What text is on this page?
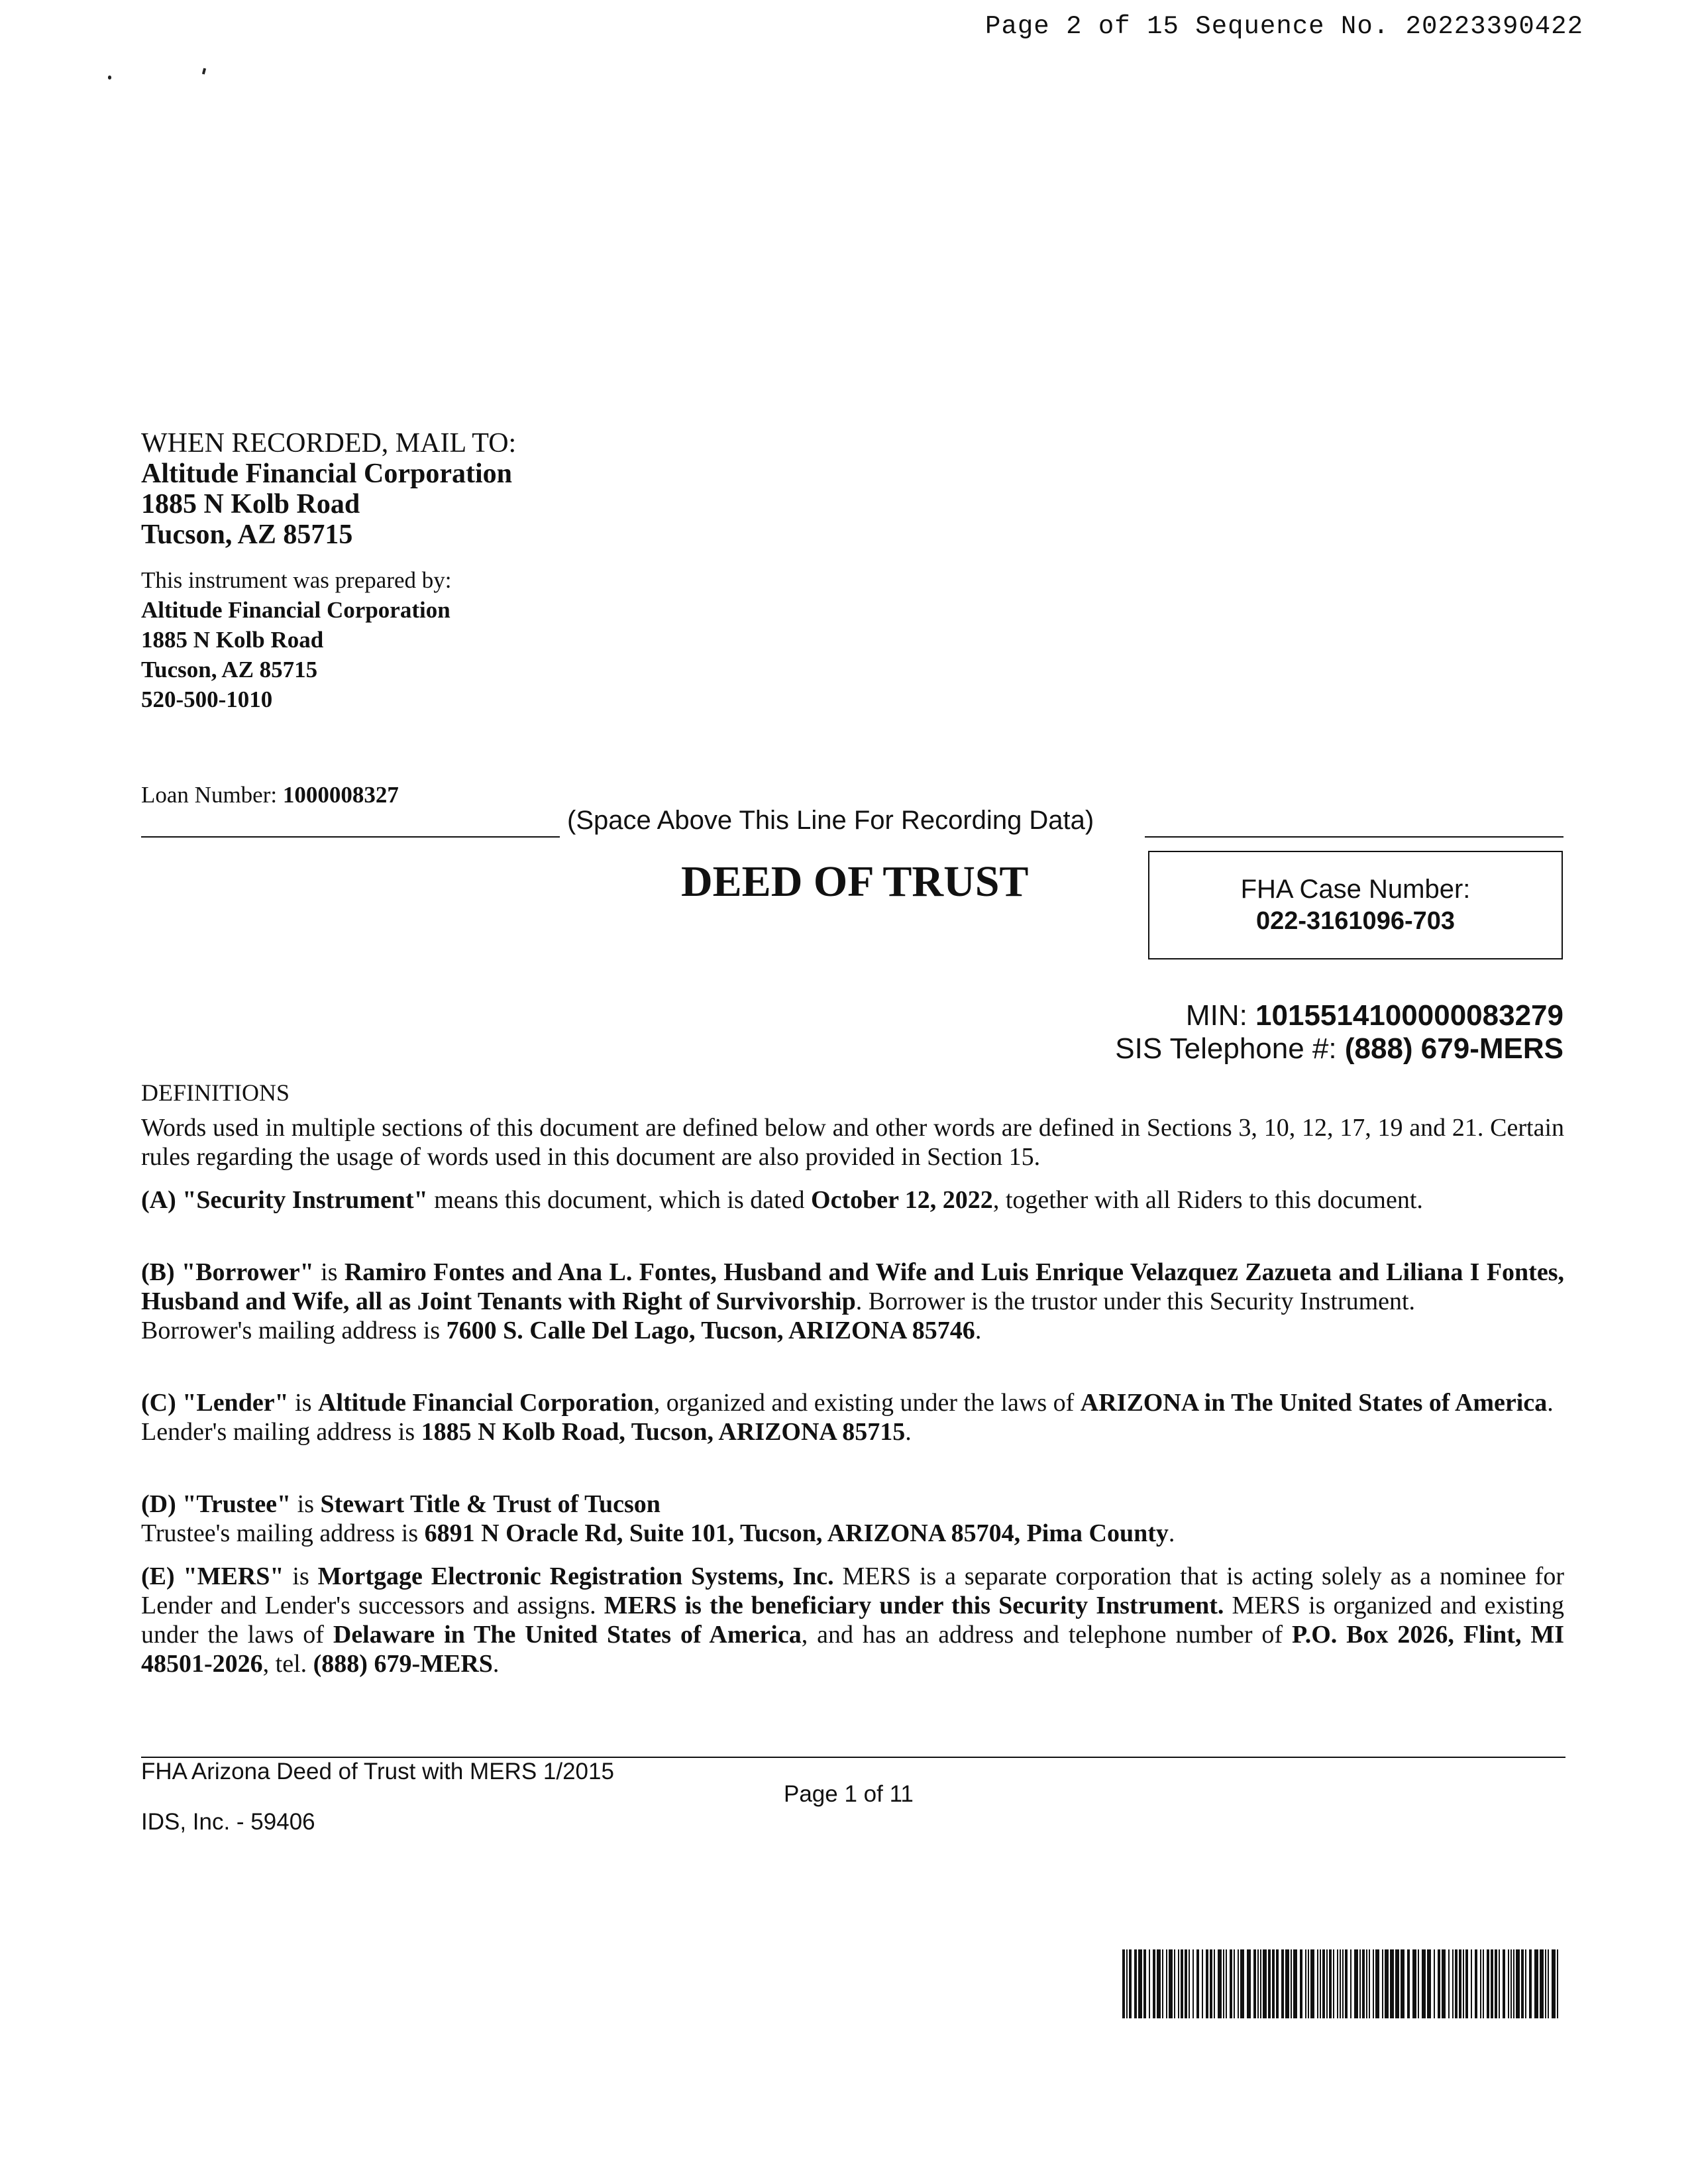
Page 2 of 15 Sequence No. 20223390422
WHEN RECORDED, MAIL TO:
Altitude Financial Corporation
1885 N Kolb Road
Tucson, AZ 85715
This instrument was prepared by:
Altitude Financial Corporation
1885 N Kolb Road
Tucson, AZ 85715
520-500-1010
Loan Number: 1000008327
(Space Above This Line For Recording Data)
DEED OF TRUST	FHA Case Number:
022-3161096-703
MIN: 1015514100000083279
SIS Telephone #: (888) 679-MERS
DEFINITIONS

Words used in multiple sections of this document are defined below and other words are defined in Sections 3, 10, 12, 17, 19 and 21. Certain rules regarding the usage of words used in this document are also provided in Section 15.

(A) "Security Instrument" means this document, which is dated October 12, 2022, together with all Riders to this document.

(B) "Borrower" is Ramiro Fontes and Ana L. Fontes, Husband and Wife and Luis Enrique Velazquez Zazueta and Liliana I Fontes, Husband and Wife, all as Joint Tenants with Right of Survivorship. Borrower is the trustor under this Security Instrument.

Borrower's mailing address is 7600 S. Calle Del Lago, Tucson, ARIZONA 85746.

(C) "Lender" is Altitude Financial Corporation, organized and existing under the laws of ARIZONA in The United States of America.

Lender's mailing address is 1885 N Kolb Road, Tucson, ARIZONA 85715.

(D) "Trustee" is Stewart Title & Trust of Tucson

Trustee's mailing address is 6891 N Oracle Rd, Suite 101, Tucson, ARIZONA 85704, Pima County.

(E) "MERS" is Mortgage Electronic Registration Systems, Inc. MERS is a separate corporation that is acting solely as a nominee for Lender and Lender's successors and assigns. MERS is the beneficiary under this Security Instrument. MERS is organized and existing under the laws of Delaware in The United States of America, and has an address and telephone number of P.O. Box 2026, Flint, MI 48501-2026, tel. (888) 679-MERS.

FHA Arizona Deed of Trust with MERS 1/2015
IDS, Inc. - 59406
Page 1 of 11
